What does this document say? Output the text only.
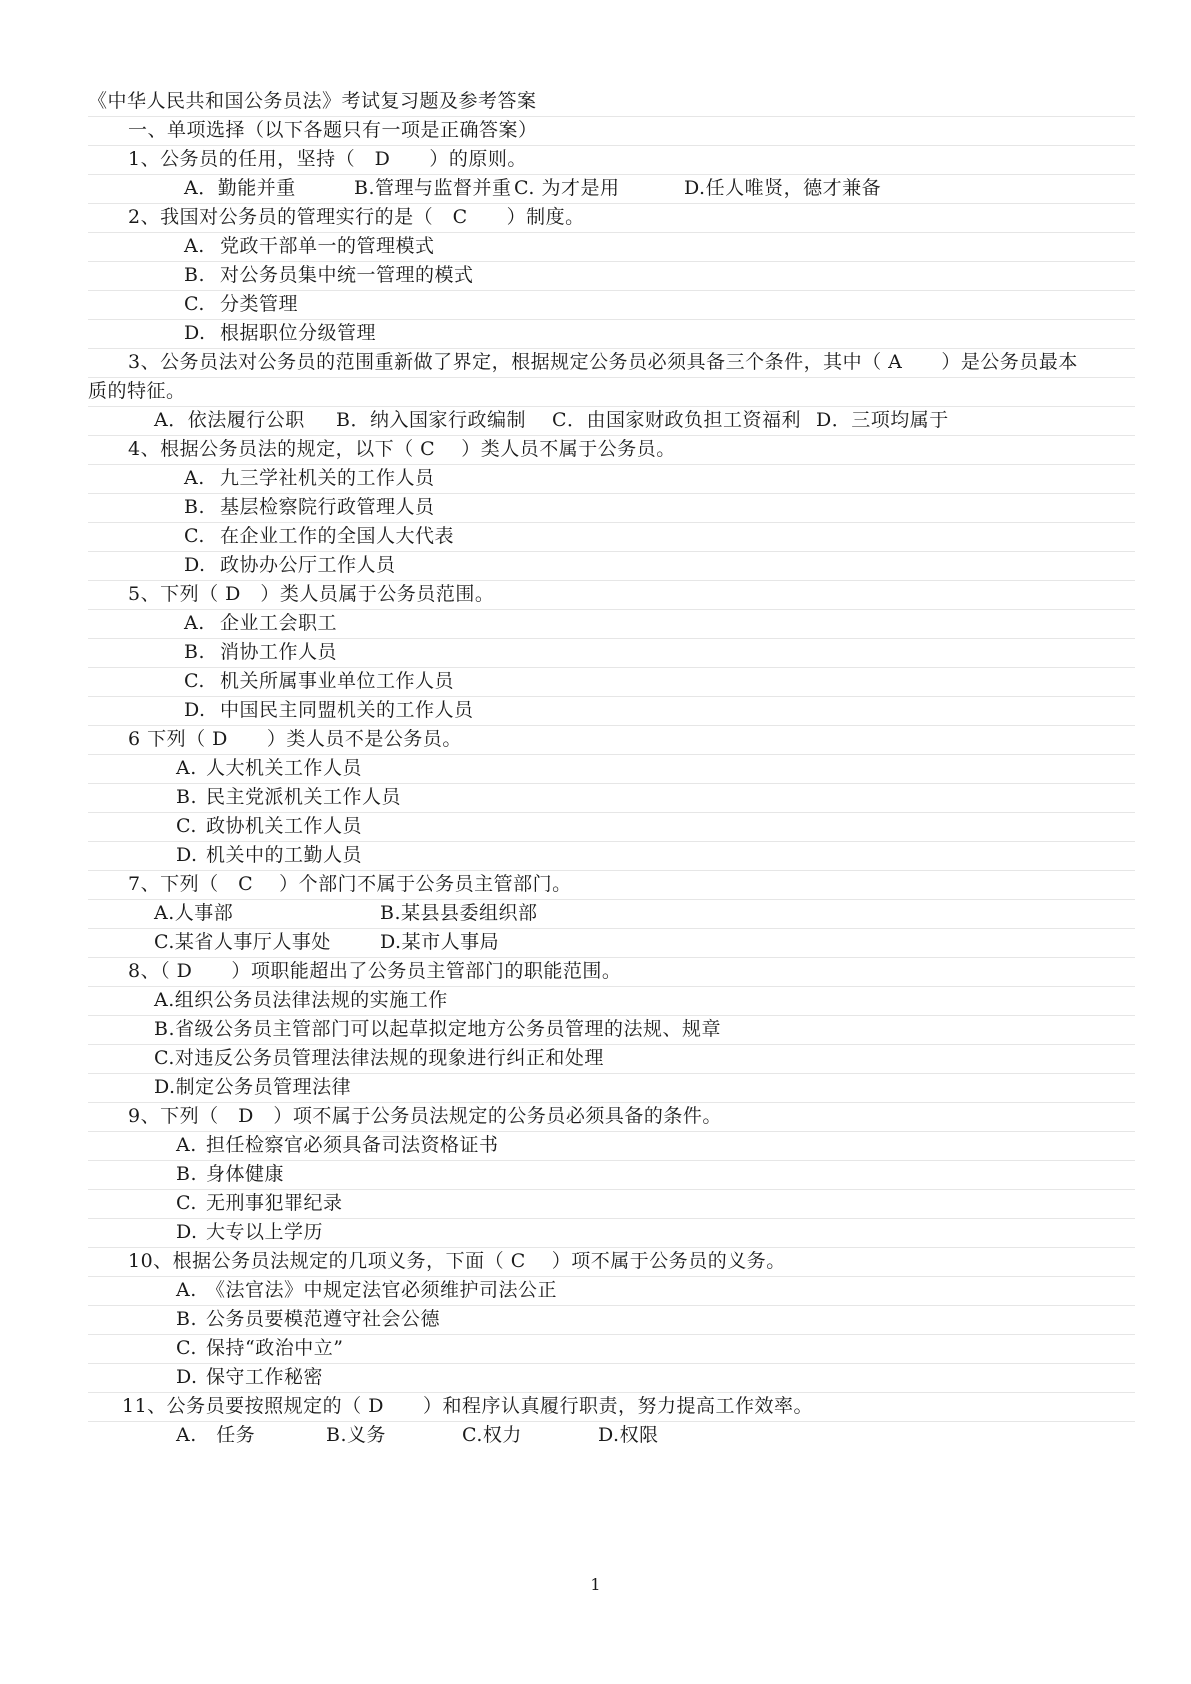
《中华人民共和国公务员法》考试复习题及参考答案
一、单项选择（以下各题只有一项是正确答案）
1、公务员的任用，坚持（　D　　）的原则。
A．勤能并重	B.管理与监督并重 C. 为才是用	D.任人唯贤，德才兼备
2、我国对公务员的管理实行的是（　C　　）制度。
A. 党政干部单一的管理模式
B. 对公务员集中统一管理的模式
C. 分类管理
D. 根据职位分级管理
3、公务员法对公务员的范围重新做了界定，根据规定公务员必须具备三个条件，其中（ A　　）是公务员最本
质的特征。
A．依法履行公职 B．纳入国家行政编制 C．由国家财政负担工资福利 D．三项均属于
4、根据公务员法的规定，以下（ C　 ）类人员不属于公务员。
A. 九三学社机关的工作人员
B. 基层检察院行政管理人员
C. 在企业工作的全国人大代表
D. 政协办公厅工作人员
5、下列（ D　）类人员属于公务员范围。
A. 企业工会职工
B. 消协工作人员
C. 机关所属事业单位工作人员
D. 中国民主同盟机关的工作人员
6 下列（ D　　）类人员不是公务员。
A. 人大机关工作人员
B. 民主党派机关工作人员
C. 政协机关工作人员
D. 机关中的工勤人员
7、下列（　C　 ）个部门不属于公务员主管部门。
A.人事部	B.某县县委组织部
C.某省人事厅人事处	D.某市人事局
8、（ D　　）项职能超出了公务员主管部门的职能范围。
A.组织公务员法律法规的实施工作
B.省级公务员主管部门可以起草拟定地方公务员管理的法规、规章
C.对违反公务员管理法律法规的现象进行纠正和处理
D.制定公务员管理法律
9、下列（　D　）项不属于公务员法规定的公务员必须具备的条件。
A. 担任检察官必须具备司法资格证书
B. 身体健康
C. 无刑事犯罪纪录
D. 大专以上学历
10、根据公务员法规定的几项义务，下面（ C　 ）项不属于公务员的义务。
A. 《法官法》中规定法官必须维护司法公正
B. 公务员要模范遵守社会公德
C. 保持“政治中立”
D. 保守工作秘密
11、公务员要按照规定的（ D　　）和程序认真履行职责，努力提高工作效率。
A.　任务	B.义务	C.权力	D.权限
1
